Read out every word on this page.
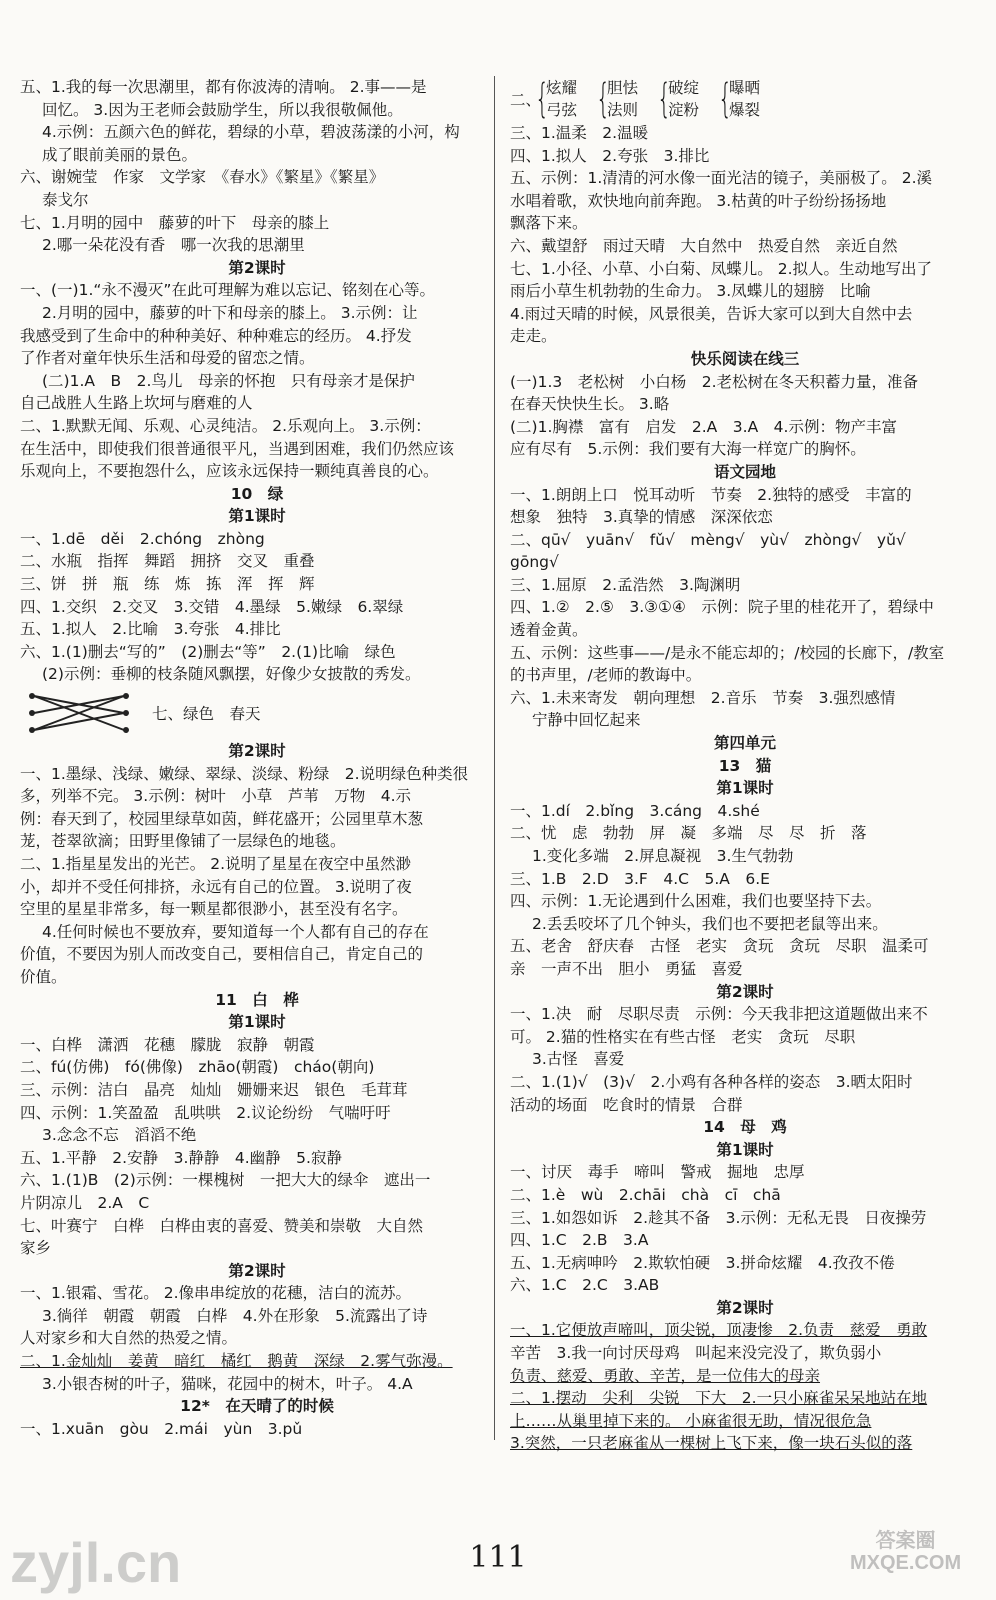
五、1.我的每一次思潮里，都有你波涛的清响。 2.事——是
回忆。 3.因为王老师会鼓励学生，所以我很敬佩他。
4.示例：五颜六色的鲜花，碧绿的小草，碧波荡漾的小河，构
成了眼前美丽的景色。
六、谢婉莹　作家　文学家　《春水》《繁星》《繁星》
泰戈尔
七、1.月明的园中　藤萝的叶下　母亲的膝上
2.哪一朵花没有香　哪一次我的思潮里
第2课时
一、(一)1.“永不漫灭”在此可理解为难以忘记、铭刻在心等。
2.月明的园中，藤萝的叶下和母亲的膝上。 3.示例：让
我感受到了生命中的种种美好、种种难忘的经历。 4.抒发
了作者对童年快乐生活和母爱的留恋之情。
(二)1.A　B　2.鸟儿　母亲的怀抱　只有母亲才是保护
自己战胜人生路上坎坷与磨难的人
二、1.默默无闻、乐观、心灵纯洁。 2.乐观向上。 3.示例：
在生活中，即使我们很普通很平凡，当遇到困难，我们仍然应该
乐观向上，不要抱怨什么，应该永远保持一颗纯真善良的心。
10　绿
第1课时
一、1.dē　děi　2.chóng　zhòng
二、水瓶　指挥　舞蹈　拥挤　交叉　重叠
三、饼　拼　瓶　练　炼　拣　浑　挥　辉
四、1.交织　2.交叉　3.交错　4.墨绿　5.嫩绿　6.翠绿
五、1.拟人　2.比喻　3.夸张　4.排比
六、1.(1)删去“写的”　(2)删去“等”　2.(1)比喻　绿色
(2)示例：垂柳的枝条随风飘摆，好像少女披散的秀发。
七、绿色　春天
第2课时
一、1.墨绿、浅绿、嫩绿、翠绿、淡绿、粉绿　2.说明绿色种类很
多，列举不完。 3.示例：树叶　小草　芦苇　万物　4.示
例：春天到了，校园里绿草如茵，鲜花盛开；公园里草木葱
茏，苍翠欲滴；田野里像铺了一层绿色的地毯。
二、1.指星星发出的光芒。 2.说明了星星在夜空中虽然渺
小，却并不受任何排挤，永远有自己的位置。 3.说明了夜
空里的星星非常多，每一颗星都很渺小，甚至没有名字。
4.任何时候也不要放弃，要知道每一个人都有自己的存在
价值，不要因为别人而改变自己，要相信自己，肯定自己的
价值。
11　白　桦
第1课时
一、白桦　潇洒　花穗　朦胧　寂静　朝霞
二、fú(仿佛)　fó(佛像)　zhāo(朝霞)　cháo(朝向)
三、示例：洁白　晶亮　灿灿　姗姗来迟　银色　毛茸茸
四、示例：1.笑盈盈　乱哄哄　2.议论纷纷　气喘吁吁
3.念念不忘　滔滔不绝
五、1.平静　2.安静　3.静静　4.幽静　5.寂静
六、1.(1)B　(2)示例：一棵槐树　一把大大的绿伞　遮出一
片阴凉儿　2.A　C
七、叶赛宁　白桦　白桦由衷的喜爱、赞美和崇敬　大自然
家乡
第2课时
一、1.银霜、雪花。 2.像串串绽放的花穗，洁白的流苏。
3.徜徉　朝霞　朝霞　白桦　4.外在形象　5.流露出了诗
人对家乡和大自然的热爱之情。
二、1.金灿灿　姜黄　暗红　橘红　鹅黄　深绿　2.雾气弥漫。
3.小银杏树的叶子，猫咪，花园中的树木，叶子。 4.A
12*　在天晴了的时候
一、1.xuān　gòu　2.mái　yùn　3.pǔ
二、
{
炫耀
弓弦 {
胆怯
法则 {
破绽
淀粉 {
曝晒
爆裂
三、1.温柔　2.温暖
四、1.拟人　2.夸张　3.排比
五、示例：1.清清的河水像一面光洁的镜子，美丽极了。 2.溪
水唱着歌，欢快地向前奔跑。 3.枯黄的叶子纷纷扬扬地
飘落下来。
六、戴望舒　雨过天晴　大自然中　热爱自然　亲近自然
七、1.小径、小草、小白菊、凤蝶儿。 2.拟人。生动地写出了
雨后小草生机勃勃的生命力。 3.凤蝶儿的翅膀　比喻
4.雨过天晴的时候，风景很美，告诉大家可以到大自然中去
走走。
快乐阅读在线三
(一)1.3　老松树　小白杨　2.老松树在冬天积蓄力量，准备
在春天快快生长。 3.略
(二)1.胸襟　富有　启发　2.A　3.A　4.示例：物产丰富
应有尽有　5.示例：我们要有大海一样宽广的胸怀。
语文园地
一、1.朗朗上口　悦耳动听　节奏　2.独特的感受　丰富的
想象　独特　3.真挚的情感　深深依恋
二、qū√　yuān√　fǔ√　mèng√　yù√　zhòng√　yǔ√
gōng√
三、1.屈原　2.孟浩然　3.陶渊明
四、1.②　2.⑤　3.③①④　示例：院子里的桂花开了，碧绿中
透着金黄。
五、示例：这些事——/是永不能忘却的；/校园的长廊下，/教室
的书声里，/老师的教诲中。
六、1.未来寄发　朝向理想　2.音乐　节奏　3.强烈感情
宁静中回忆起来
第四单元
13　猫
第1课时
一、1.dí　2.bǐng　3.cáng　4.shé
二、忧　虑　勃勃　屏　凝　多端　尽　尽　折　落
1.变化多端　2.屏息凝视　3.生气勃勃
三、1.B　2.D　3.F　4.C　5.A　6.E
四、示例：1.无论遇到什么困难，我们也要坚持下去。
2.丢丢咬坏了几个钟头，我们也不要把老鼠等出来。
五、老舍　舒庆春　古怪　老实　贪玩　贪玩　尽职　温柔可
亲　一声不出　胆小　勇猛　喜爱
第2课时
一、1.决　耐　尽职尽责　示例：今天我非把这道题做出来不
可。 2.猫的性格实在有些古怪　老实　贪玩　尽职
3.古怪　喜爱
二、1.(1)√　(3)√　2.小鸡有各种各样的姿态　3.晒太阳时
活动的场面　吃食时的情景　合群
14　母　鸡
第1课时
一、讨厌　毒手　啼叫　警戒　掘地　忠厚
二、1.è　wù　2.chāi　chà　cī　chā
三、1.如怨如诉　2.趁其不备　3.示例：无私无畏　日夜操劳
四、1.C　2.B　3.A
五、1.无病呻吟　2.欺软怕硬　3.拼命炫耀　4.孜孜不倦
六、1.C　2.C　3.AB
第2课时
一、1.它便放声啼叫，顶尖锐，顶凄惨　2.负责　慈爱　勇敢
辛苦　3.我一向讨厌母鸡　叫起来没完没了，欺负弱小
负责、慈爱、勇敢、辛苦，是一位伟大的母亲
二、1.摆动　尖利　尖锐　下大　2.一只小麻雀呆呆地站在地
上……从巢里掉下来的。 小麻雀很无助，情况很危急
3.突然，一只老麻雀从一棵树上飞下来，像一块石头似的落
zyjl.cn	111	答案圈
MXQE.COM
